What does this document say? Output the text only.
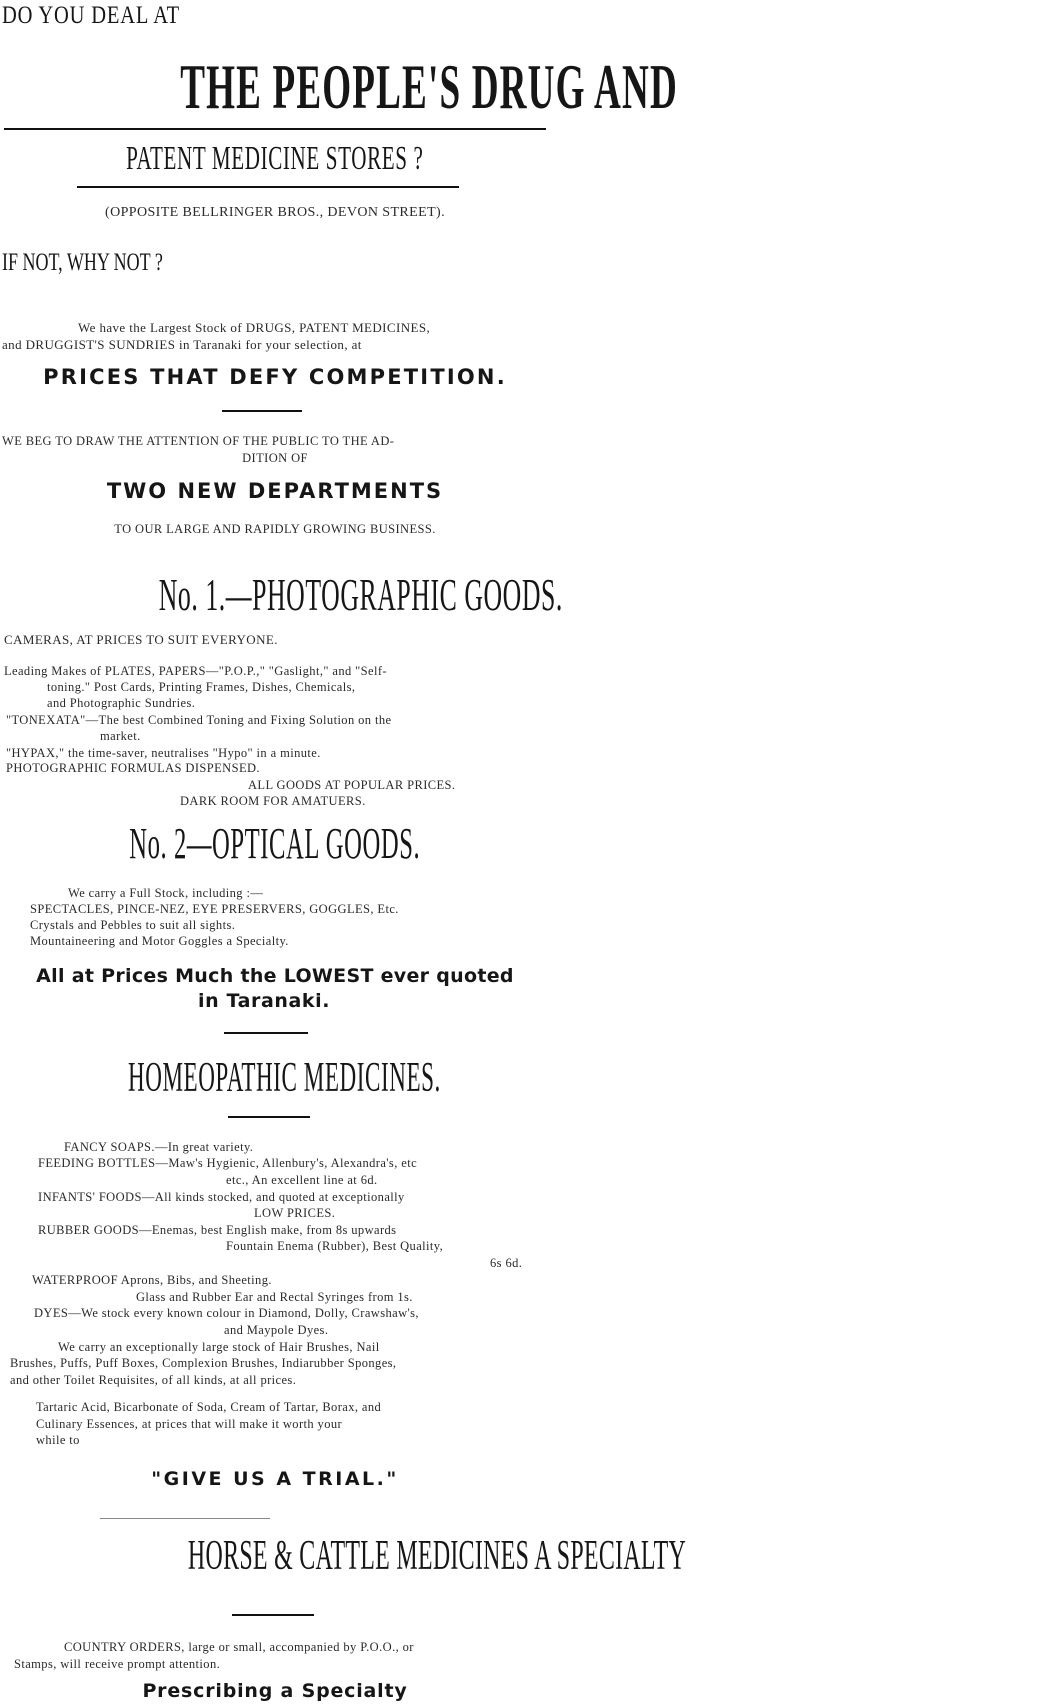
DO YOU DEAL AT
THE PEOPLE'S DRUG AND
PATENT MEDICINE STORES ?
(OPPOSITE BELLRINGER BROS., DEVON STREET).
IF NOT, WHY NOT ?
We have the Largest Stock of DRUGS, PATENT MEDICINES,
and DRUGGIST'S SUNDRIES in Taranaki for your selection, at
PRICES THAT DEFY COMPETITION.
WE BEG TO DRAW THE ATTENTION OF THE PUBLIC TO THE AD-
DITION OF
TWO NEW DEPARTMENTS
TO OUR LARGE AND RAPIDLY GROWING BUSINESS.
No. 1.—PHOTOGRAPHIC GOODS.
CAMERAS, AT PRICES TO SUIT EVERYONE.
Leading Makes of PLATES, PAPERS—"P.O.P.," "Gaslight," and "Self-
toning." Post Cards, Printing Frames, Dishes, Chemicals,
and Photographic Sundries.
"TONEXATA"—The best Combined Toning and Fixing Solution on the
market.
"HYPAX," the time-saver, neutralises "Hypo" in a minute.
PHOTOGRAPHIC FORMULAS DISPENSED.
ALL GOODS AT POPULAR PRICES.
DARK ROOM FOR AMATUERS.
No. 2—OPTICAL GOODS.
We carry a Full Stock, including :—
SPECTACLES, PINCE-NEZ, EYE PRESERVERS, GOGGLES, Etc.
Crystals and Pebbles to suit all sights.
Mountaineering and Motor Goggles a Specialty.
All at Prices Much the LOWEST ever quoted
in Taranaki.
HOMEOPATHIC MEDICINES.
FANCY SOAPS.—In great variety.
FEEDING BOTTLES—Maw's Hygienic, Allenbury's, Alexandra's, etc
etc., An excellent line at 6d.
INFANTS' FOODS—All kinds stocked, and quoted at exceptionally
LOW PRICES.
RUBBER GOODS—Enemas, best English make, from 8s upwards
Fountain Enema (Rubber), Best Quality,
6s 6d.
WATERPROOF Aprons, Bibs, and Sheeting.
Glass and Rubber Ear and Rectal Syringes from 1s.
DYES—We stock every known colour in Diamond, Dolly, Crawshaw's,
and Maypole Dyes.
We carry an exceptionally large stock of Hair Brushes, Nail
Brushes, Puffs, Puff Boxes, Complexion Brushes, Indiarubber Sponges,
and other Toilet Requisites, of all kinds, at all prices.
Tartaric Acid, Bicarbonate of Soda, Cream of Tartar, Borax, and
Culinary Essences, at prices that will make it worth your
while to
"GIVE US A TRIAL."
HORSE & CATTLE MEDICINES A SPECIALTY
COUNTRY ORDERS, large or small, accompanied by P.O.O., or
Stamps, will receive prompt attention.
Prescribing a Specialty
